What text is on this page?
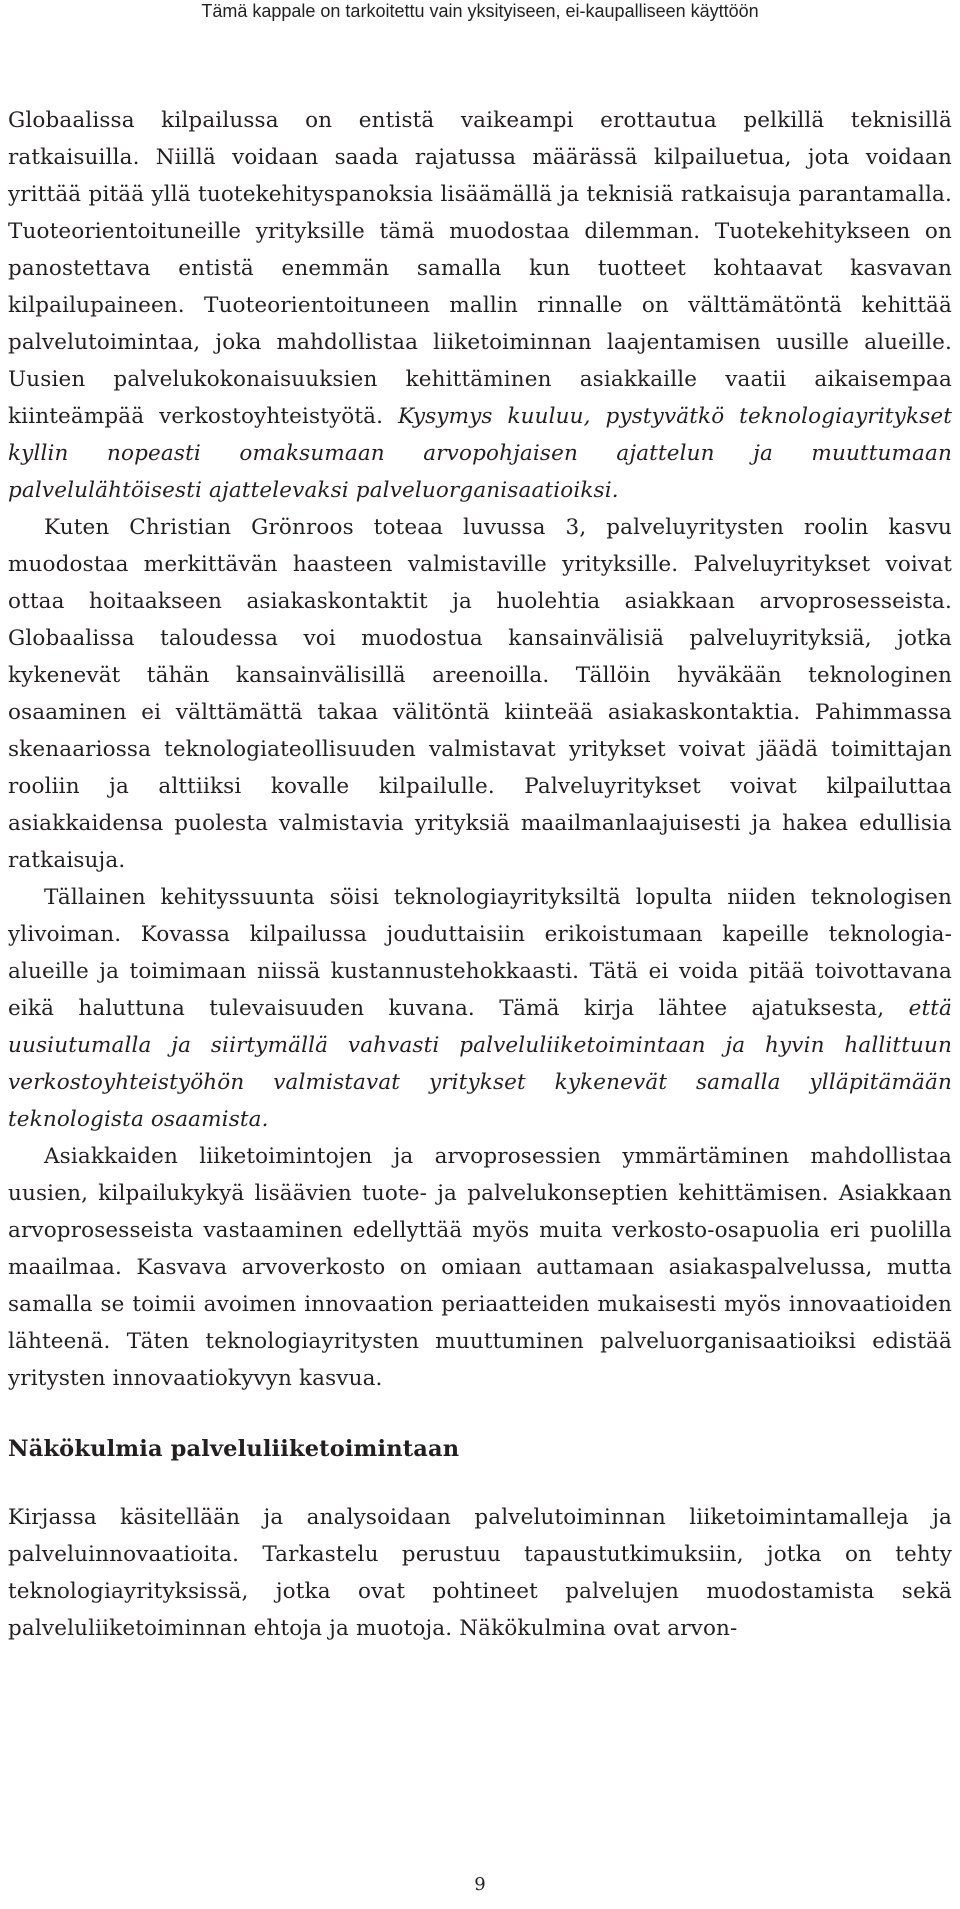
Tämä kappale on tarkoitettu vain yksityiseen, ei-kaupalliseen käyttöön

Globaalissa kilpailussa on entistä vaikeampi erottautua pelkillä teknisillä ratkaisuilla. Niillä voidaan saada rajatussa määrässä kilpailuetua, jota voidaan yrittää pitää yllä tuotekehityspanoksia lisäämällä ja teknisiä ratkaisuja parantamalla. Tuoteorientoituneille yrityksille tämä muodostaa dilemman. Tuotekehitykseen on panostettava entistä enemmän samalla kun tuotteet kohtaavat kasvavan kilpailupaineen. Tuoteorientoituneen mallin rinnalle on välttämätöntä kehittää palvelutoimintaa, joka mahdollistaa liiketoiminnan laajentamisen uusille alueille. Uusien palvelukokonaisuuksien kehittäminen asiakkaille vaatii aikaisempaa kiinteämpää verkostoyhteistyötä. Kysymys kuuluu, pystyvätkö teknologiayritykset kyllin nopeasti omaksumaan arvopohjaisen ajattelun ja muuttumaan palvelulähtöisesti ajattelevaksi palveluorganisaatioiksi.

Kuten Christian Grönroos toteaa luvussa 3, palveluyritysten roolin kasvu muodostaa merkittävän haasteen valmistaville yrityksille. Palveluyritykset voivat ottaa hoitaakseen asiakaskontaktit ja huolehtia asiakkaan arvoprosesseista. Globaalissa taloudessa voi muodostua kansainvälisiä palveluyrityksiä, jotka kykenevät tähän kansainvälisillä areenoilla. Tällöin hyväkään teknologinen osaaminen ei välttämättä takaa välitöntä kiinteää asiakaskontaktia. Pahimmassa skenaariossa teknologiateollisuuden valmistavat yritykset voivat jäädä toimittajan rooliin ja alttiiksi kovalle kilpailulle. Palveluyritykset voivat kilpailuttaa asiakkaidensa puolesta valmistavia yrityksiä maailmanlaajuisesti ja hakea edullisia ratkaisuja.

Tällainen kehityssuunta söisi teknologiayrityksiltä lopulta niiden teknologisen ylivoiman. Kovassa kilpailussa jouduttaisiin erikoistumaan kapeille teknologia-alueille ja toimimaan niissä kustannustehokkaasti. Tätä ei voida pitää toivottavana eikä haluttuna tulevaisuuden kuvana. Tämä kirja lähtee ajatuksesta, että uusiutumalla ja siirtymällä vahvasti palveluliiketoimintaan ja hyvin hallittuun verkostoyhteistyöhön valmistavat yritykset kykenevät samalla ylläpitämään teknologista osaamista.

Asiakkaiden liiketoimintojen ja arvoprosessien ymmärtäminen mahdollistaa uusien, kilpailukykyä lisäävien tuote- ja palvelukonseptien kehittämisen. Asiakkaan arvoprosesseista vastaaminen edellyttää myös muita verkosto-osapuolia eri puolilla maailmaa. Kasvava arvoverkosto on omiaan auttamaan asiakaspalvelussa, mutta samalla se toimii avoimen innovaation periaatteiden mukaisesti myös innovaatioiden lähteenä. Täten teknologiayritysten muuttuminen palveluorganisaatioiksi edistää yritysten innovaatiokyvyn kasvua.

Näkökulmia palveluliiketoimintaan

Kirjassa käsitellään ja analysoidaan palvelutoiminnan liiketoimintamalleja ja palveluinnovaatioita. Tarkastelu perustuu tapaustutkimuksiin, jotka on tehty teknologiayrityksissä, jotka ovat pohtineet palvelujen muodostamista sekä palveluliiketoiminnan ehtoja ja muotoja. Näkökulmina ovat arvon-

9
